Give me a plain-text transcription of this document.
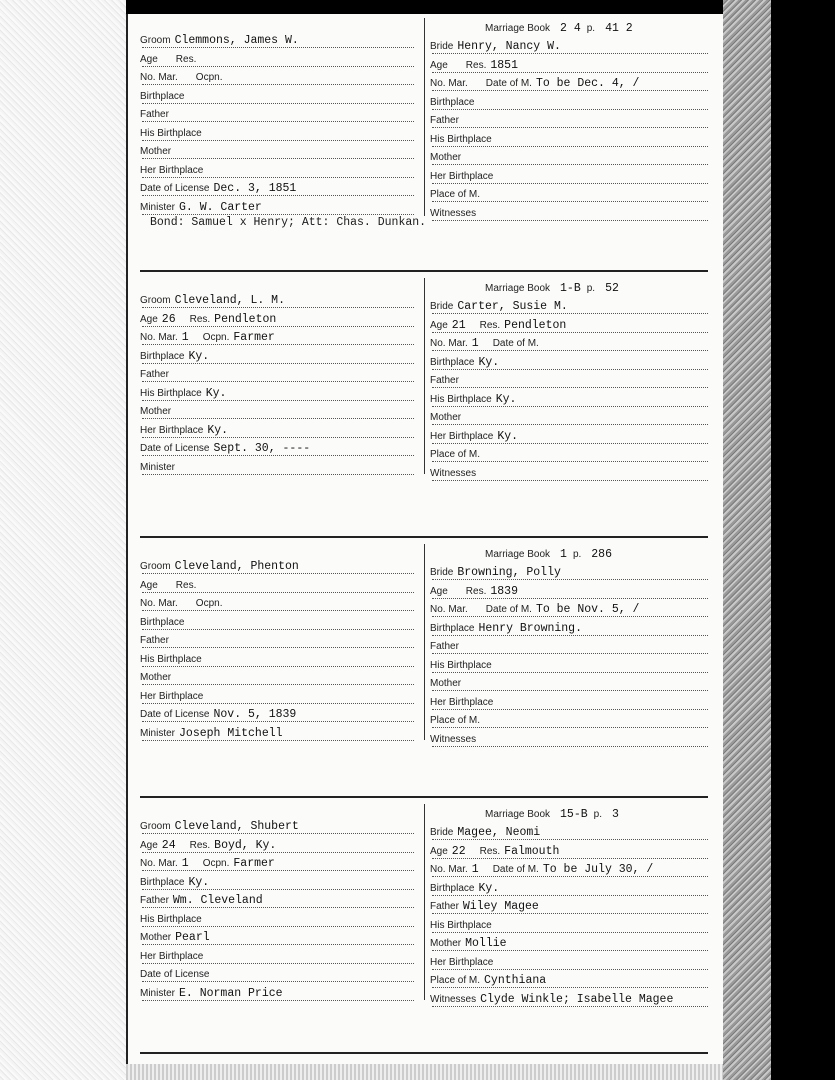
Groom Clemmons, James W.
Age Res.
No. Mar. Ocpn.
Birthplace
Father
His Birthplace
Mother
Her Birthplace
Date of License Dec. 3, 1851
Minister G. W. Carter
Marriage Book 2 4 p. 41 2
Bride Henry, Nancy W.
Age Res. 1851
No. Mar. Date of M. To be Dec. 4, /
Birthplace
Father
His Birthplace
Mother
Her Birthplace
Place of M.
Witnesses
Bond: Samuel x Henry; Att: Chas. Dunkan.
Groom Cleveland, L. M.
Age 26 Res. Pendleton
No. Mar. 1 Ocpn. Farmer
Birthplace Ky.
Father
His Birthplace Ky.
Mother
Her Birthplace Ky.
Date of License Sept. 30, ----
Minister
Marriage Book 1-B p. 52
Bride Carter, Susie M.
Age 21 Res. Pendleton
No. Mar. 1 Date of M.
Birthplace Ky.
Father
His Birthplace Ky.
Mother
Her Birthplace Ky.
Place of M.
Witnesses
Groom Cleveland, Phenton
Age Res.
No. Mar. Ocpn.
Birthplace
Father
His Birthplace
Mother
Her Birthplace
Date of License Nov. 5, 1839
Minister Joseph Mitchell
Marriage Book 1 p. 286
Bride Browning, Polly
Age Res. 1839
No. Mar. Date of M. To be Nov. 5, /
Birthplace Henry Browning.
Father
His Birthplace
Mother
Her Birthplace
Place of M.
Witnesses
Groom Cleveland, Shubert
Age 24 Res. Boyd, Ky.
No. Mar. 1 Ocpn. Farmer
Birthplace Ky.
Father Wm. Cleveland
His Birthplace
Mother Pearl
Her Birthplace
Date of License
Minister E. Norman Price
Marriage Book 15-B p. 3
Bride Magee, Neomi
Age 22 Res. Falmouth
No. Mar. 1 Date of M. To be July 30, /
Birthplace Ky.
Father Wiley Magee
His Birthplace
Mother Mollie
Her Birthplace
Place of M. Cynthiana
Witnesses Clyde Winkle; Isabelle Magee
